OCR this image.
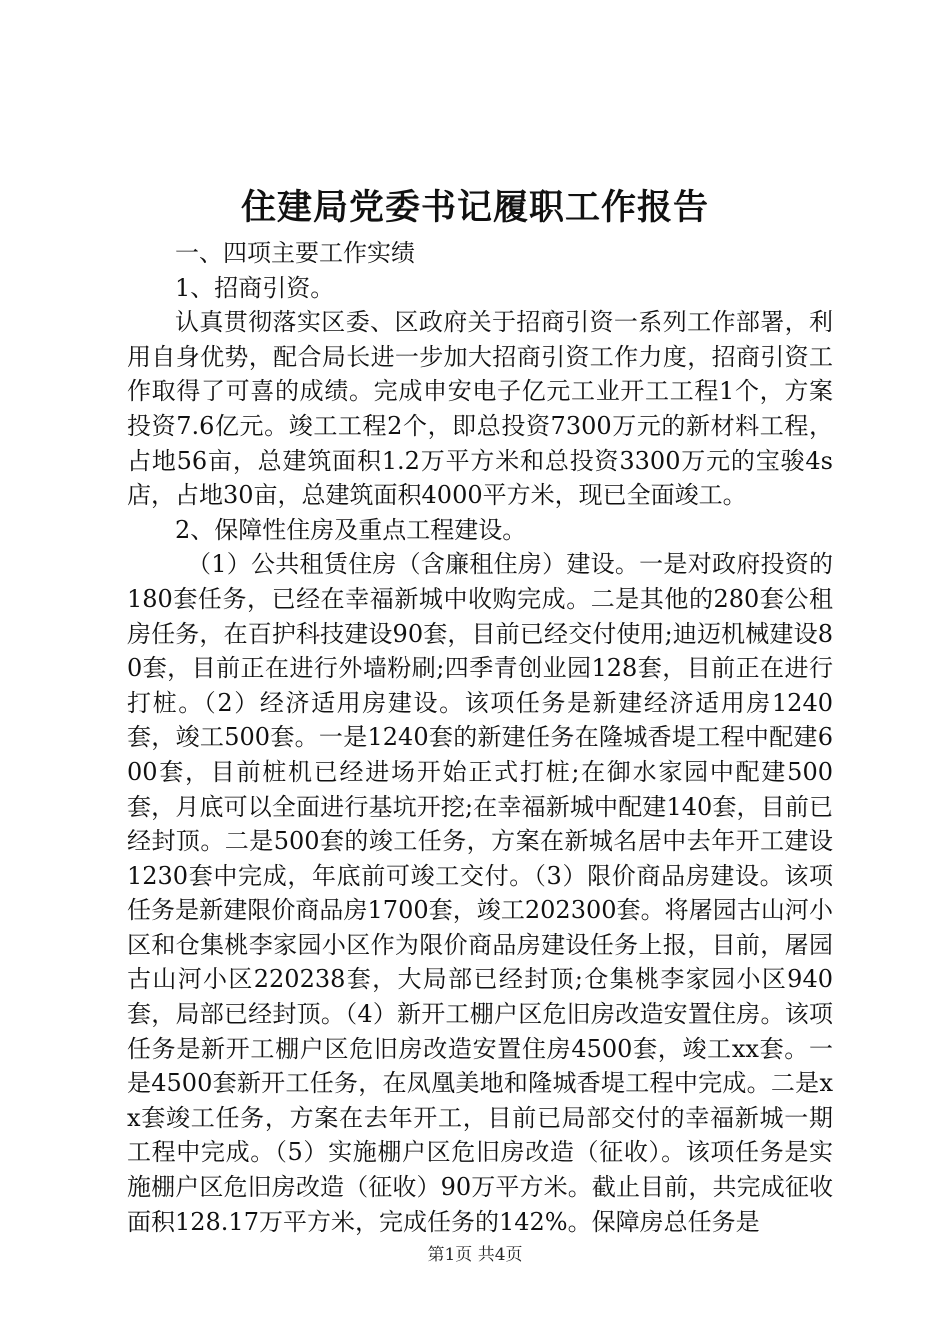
住建局党委书记履职工作报告

一、四项主要工作实绩

1、招商引资。

认真贯彻落实区委、区政府关于招商引资一系列工作部署，利用自身优势，配合局长进一步加大招商引资工作力度，招商引资工作取得了可喜的成绩。完成申安电子亿元工业开工工程1个，方案投资7.6亿元。竣工工程2个，即总投资7300万元的新材料工程，占地56亩，总建筑面积1.2万平方米和总投资3300万元的宝骏4s店，占地30亩，总建筑面积4000平方米，现已全面竣工。

2、保障性住房及重点工程建设。

（1）公共租赁住房（含廉租住房）建设。一是对政府投资的180套任务，已经在幸福新城中收购完成。二是其他的280套公租房任务，在百护科技建设90套，目前已经交付使用;迪迈机械建设80套，目前正在进行外墙粉刷;四季青创业园128套，目前正在进行打桩。（2）经济适用房建设。该项任务是新建经济适用房1240套，竣工500套。一是1240套的新建任务在隆城香堤工程中配建600套，目前桩机已经进场开始正式打桩;在御水家园中配建500套，月底可以全面进行基坑开挖;在幸福新城中配建140套，目前已经封顶。二是500套的竣工任务，方案在新城名居中去年开工建设1230套中完成，年底前可竣工交付。（3）限价商品房建设。该项任务是新建限价商品房1700套，竣工202300套。将屠园古山河小区和仓集桃李家园小区作为限价商品房建设任务上报，目前，屠园古山河小区220238套，大局部已经封顶;仓集桃李家园小区940套，局部已经封顶。（4）新开工棚户区危旧房改造安置住房。该项任务是新开工棚户区危旧房改造安置住房4500套，竣工xx套。一是4500套新开工任务，在凤凰美地和隆城香堤工程中完成。二是xx套竣工任务，方案在去年开工，目前已局部交付的幸福新城一期工程中完成。（5）实施棚户区危旧房改造（征收）。该项任务是实施棚户区危旧房改造（征收）90万平方米。截止目前，共完成征收面积128.17万平方米，完成任务的142%。保障房总任务是

第1页 共4页
